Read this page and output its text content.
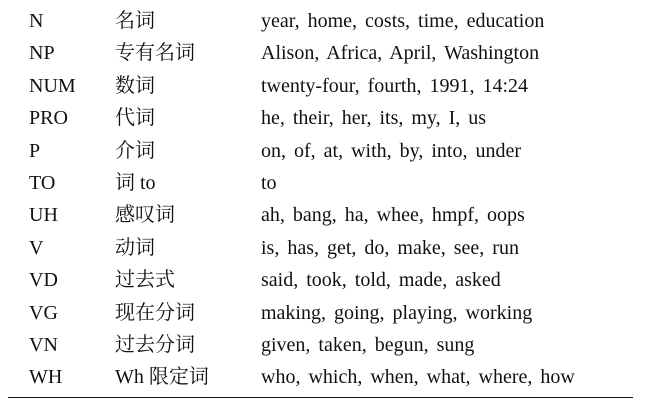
N	名词	year, home, costs, time, education
NP	专有名词	Alison, Africa, April, Washington
NUM 数词	twenty-four, fourth, 1991, 14:24
PRO 代词	he, their, her, its, my, I, us
P	介词	on, of, at, with, by, into, under
TO	词 to	to
UH	感叹词	ah, bang, ha, whee, hmpf, oops
V	动词	is, has, get, do, make, see, run
VD	过去式	said, took, told, made, asked
VG	现在分词	making, going, playing, working
VN	过去分词	given, taken, begun, sung
WH	Wh 限定词	who, which, when, what, where, how
